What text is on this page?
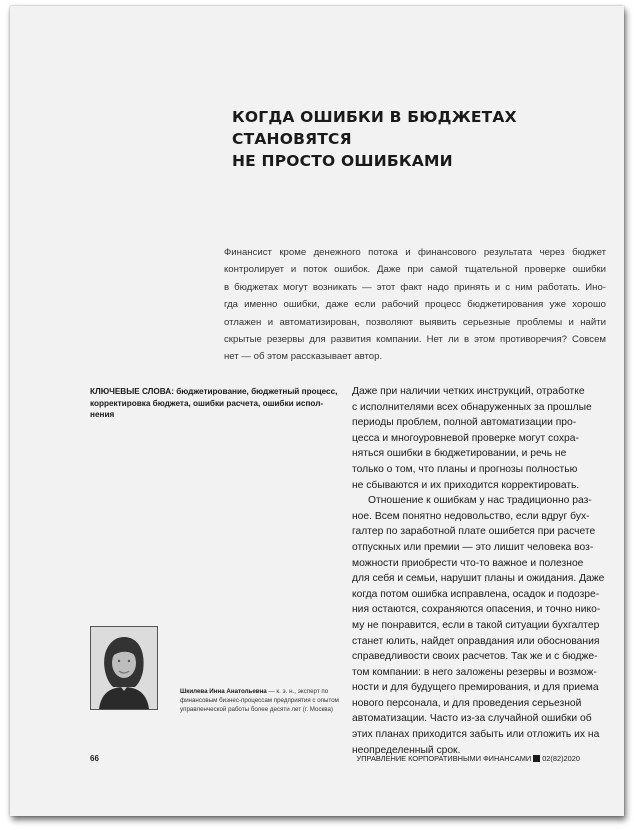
КОГДА ОШИБКИ В БЮДЖЕТАХ СТАНОВЯТСЯ
НЕ ПРОСТО ОШИБКАМИ

Финансист кроме денежного потока и финансового результата через бюджет
контролирует и поток ошибок. Даже при самой тщательной проверке ошибки
в бюджетах могут возникать — этот факт надо принять и с ним работать. Ино-
гда именно ошибки, даже если рабочий процесс бюджетирования уже хорошо
отлажен и автоматизирован, позволяют выявить серьезные проблемы и найти
скрытые резервы для развития компании. Нет ли в этом противоречия? Совсем
нет — об этом рассказывает автор.

КЛЮЧЕВЫЕ СЛОВА: бюджетирование, бюджетный процесс,
корректировка бюджета, ошибки расчета, ошибки испол-
нения

Даже при наличии четких инструкций, отработке
с исполнителями всех обнаруженных за прошлые
периоды проблем, полной автоматизации про-
цесса и многоуровневой проверке могут сохра-
няться ошибки в бюджетировании, и речь не
только о том, что планы и прогнозы полностью
не сбываются и их приходится корректировать.
Отношение к ошибкам у нас традиционно раз-
ное. Всем понятно недовольство, если вдруг бух-
галтер по заработной плате ошибется при расчете
отпускных или премии — это лишит человека воз-
можности приобрести что-то важное и полезное
для себя и семьи, нарушит планы и ожидания. Даже
когда потом ошибка исправлена, осадок и подозре-
ния остаются, сохраняются опасения, и точно нико-
му не понравится, если в такой ситуации бухгалтер
станет юлить, найдет оправдания или обоснования
справедливости своих расчетов. Так же и с бюдже-
том компании: в него заложены резервы и возмож-
ности и для будущего премирования, и для приема
нового персонала, и для проведения серьезной
автоматизации. Часто из-за случайной ошибки об
этих планах приходится забыть или отложить их на
неопределенный срок.

Шкилева Инна Анатольевна — к. э. н., эксперт по
финансовым бизнес-процессам предприятия с опытом
управленческой работы более десяти лет (г. Москва)

66	УПРАВЛЕНИЕ КОРПОРАТИВНЫМИ ФИНАНСАМИ 02(82)2020
